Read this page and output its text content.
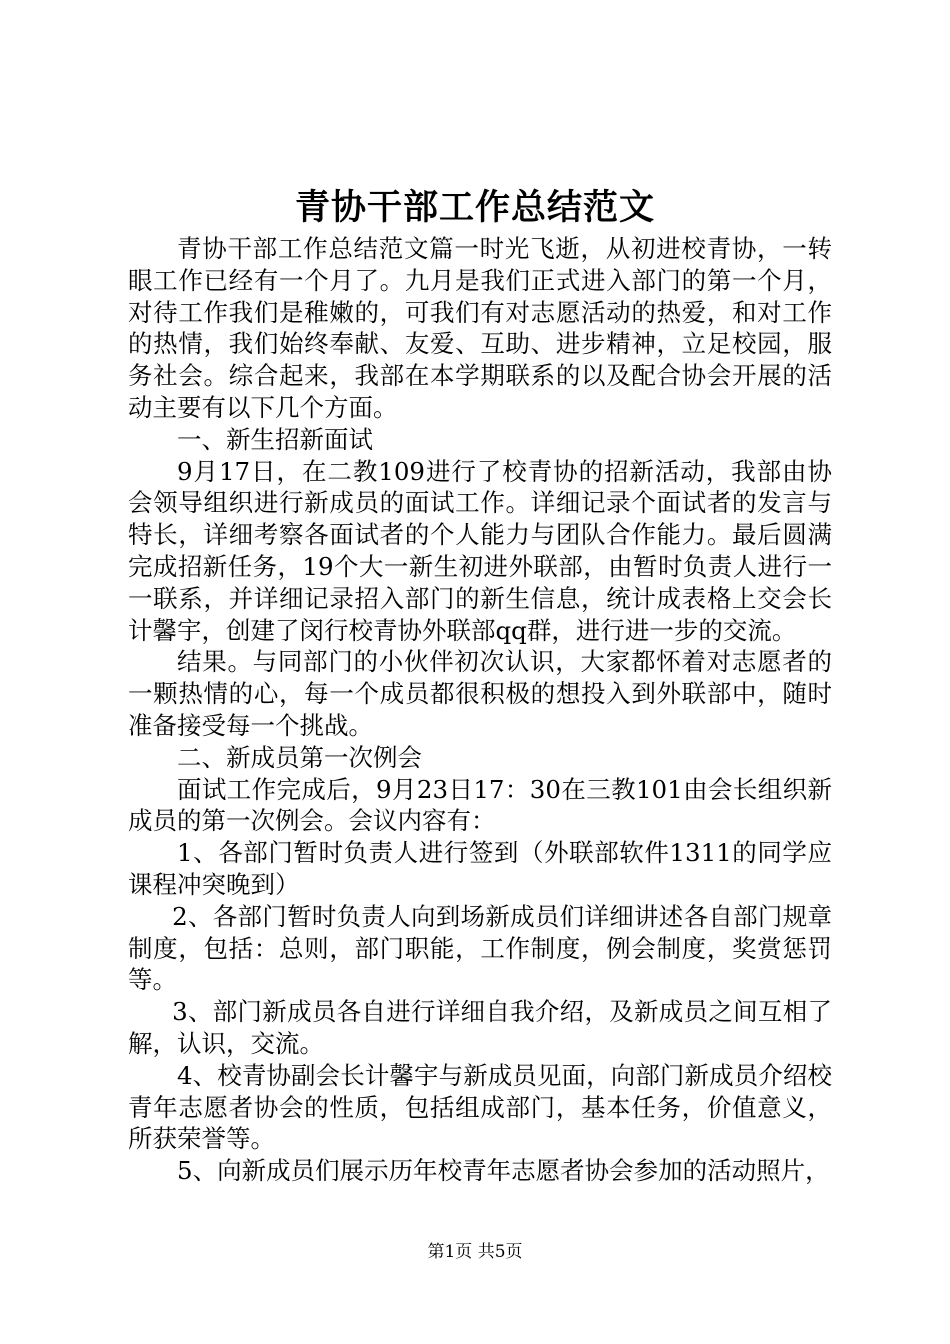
青协干部工作总结范文

青协干部工作总结范文篇一时光飞逝，从初进校青协，一转眼工作已经有一个月了。九月是我们正式进入部门的第一个月，对待工作我们是稚嫩的，可我们有对志愿活动的热爱，和对工作的热情，我们始终奉献、友爱、互助、进步精神，立足校园，服务社会。综合起来，我部在本学期联系的以及配合协会开展的活动主要有以下几个方面。

一、新生招新面试

9月17日，在二教109进行了校青协的招新活动，我部由协会领导组织进行新成员的面试工作。详细记录个面试者的发言与特长，详细考察各面试者的个人能力与团队合作能力。最后圆满完成招新任务，19个大一新生初进外联部，由暂时负责人进行一一联系，并详细记录招入部门的新生信息，统计成表格上交会长计馨宇，创建了闵行校青协外联部qq群，进行进一步的交流。

结果。与同部门的小伙伴初次认识，大家都怀着对志愿者的一颗热情的心，每一个成员都很积极的想投入到外联部中，随时准备接受每一个挑战。

二、新成员第一次例会

面试工作完成后，9月23日17：30在三教101由会长组织新成员的第一次例会。会议内容有：

1、各部门暂时负责人进行签到（外联部软件1311的同学应课程冲突晚到）

2、各部门暂时负责人向到场新成员们详细讲述各自部门规章制度，包括：总则，部门职能，工作制度，例会制度，奖赏惩罚等。

3、部门新成员各自进行详细自我介绍，及新成员之间互相了解，认识，交流。

4、校青协副会长计馨宇与新成员见面，向部门新成员介绍校青年志愿者协会的性质，包括组成部门，基本任务，价值意义，所获荣誉等。

5、向新成员们展示历年校青年志愿者协会参加的活动照片，

第1页 共5页
